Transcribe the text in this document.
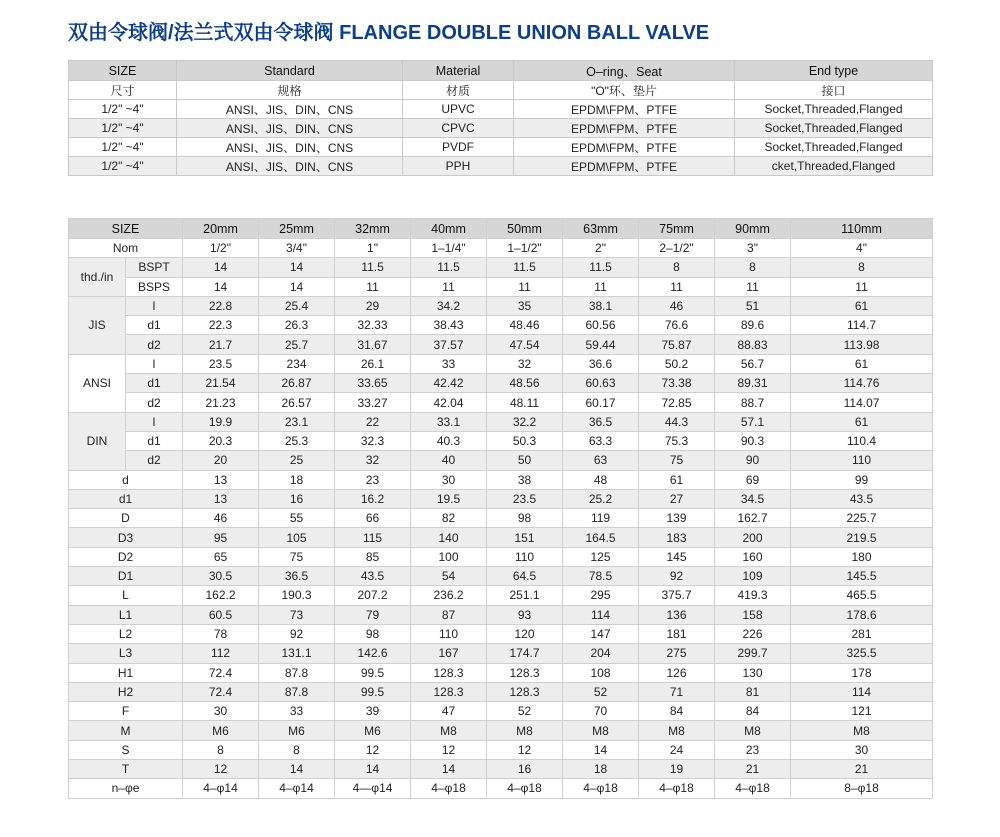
双由令球阀/法兰式双由令球阀 FLANGE DOUBLE UNION BALL VALVE
SIZE	Standard	Material	O–ring、Seat	End type
尺寸	规格	材质	"O"环、垫片	接口
1/2" ~4"	ANSI、JIS、DIN、CNS	UPVC	EPDM\FPM、PTFE	Socket,Threaded,Flanged
1/2" ~4"	ANSI、JIS、DIN、CNS	CPVC	EPDM\FPM、PTFE	Socket,Threaded,Flanged
1/2" ~4"	ANSI、JIS、DIN、CNS	PVDF	EPDM\FPM、PTFE	Socket,Threaded,Flanged
1/2" ~4"	ANSI、JIS、DIN、CNS	PPH	EPDM\FPM、PTFE	cket,Threaded,Flanged
SIZE		20mm	25mm	32mm	40mm	50mm	63mm	75mm	90mm	110mm
Nom		1/2"	3/4"	1"	1–1/4"	1–1/2"	2"	2–1/2"	3"	4"
thd./in	BSPT	14	14	11.5	11.5	11.5	11.5	8	8	8
	BSPS	14	14	11	11	11	11	11	11	11
JIS	l	22.8	25.4	29	34.2	35	38.1	46	51	61
	d1	22.3	26.3	32.33	38.43	48.46	60.56	76.6	89.6	114.7
	d2	21.7	25.7	31.67	37.57	47.54	59.44	75.87	88.83	113.98
ANSI	l	23.5	234	26.1	33	32	36.6	50.2	56.7	61
	d1	21.54	26.87	33.65	42.42	48.56	60.63	73.38	89.31	114.76
	d2	21.23	26.57	33.27	42.04	48.11	60.17	72.85	88.7	114.07
DIN	l	19.9	23.1	22	33.1	32.2	36.5	44.3	57.1	61
	d1	20.3	25.3	32.3	40.3	50.3	63.3	75.3	90.3	110.4
	d2	20	25	32	40	50	63	75	90	110
d		13	18	23	30	38	48	61	69	99
d1		13	16	16.2	19.5	23.5	25.2	27	34.5	43.5
D		46	55	66	82	98	119	139	162.7	225.7
D3		95	105	115	140	151	164.5	183	200	219.5
D2		65	75	85	100	110	125	145	160	180
D1		30.5	36.5	43.5	54	64.5	78.5	92	109	145.5
L		162.2	190.3	207.2	236.2	251.1	295	375.7	419.3	465.5
L1		60.5	73	79	87	93	114	136	158	178.6
L2		78	92	98	110	120	147	181	226	281
L3		112	131.1	142.6	167	174.7	204	275	299.7	325.5
H1		72.4	87.8	99.5	128.3	128.3	108	126	130	178
H2		72.4	87.8	99.5	128.3	128.3	52	71	81	114
F		30	33	39	47	52	70	84	84	121
M		M6	M6	M6	M8	M8	M8	M8	M8	M8
S		8	8	12	12	12	14	24	23	30
T		12	14	14	14	16	18	19	21	21
n–φe		4–φ14	4–φ14	4—φ14	4–φ18	4–φ18	4–φ18	4–φ18	4–φ18	8–φ18
